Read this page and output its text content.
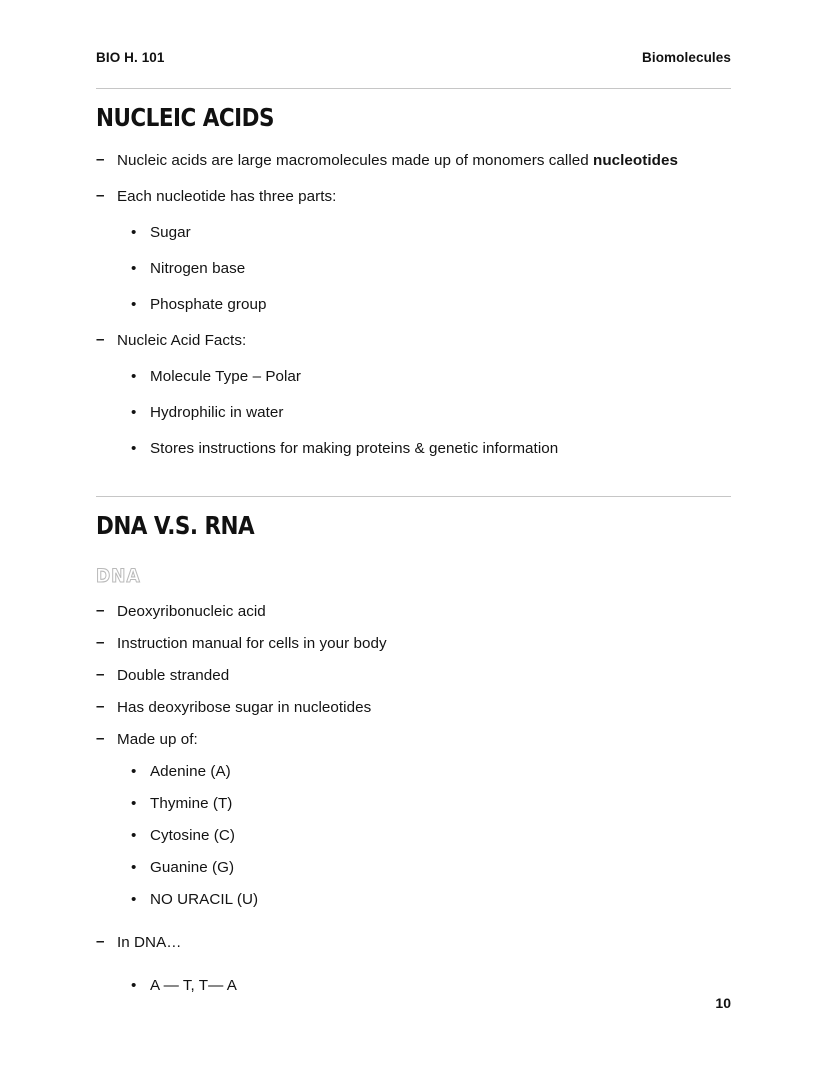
BIO H. 101	Biomolecules
NUCLEIC ACIDS
– Nucleic acids are large macromolecules made up of monomers called nucleotides
– Each nucleotide has three parts:
• Sugar
• Nitrogen base
• Phosphate group
– Nucleic Acid Facts:
• Molecule Type – Polar
• Hydrophilic in water
• Stores instructions for making proteins & genetic information
DNA V.S. RNA
DNA
– Deoxyribonucleic acid
– Instruction manual for cells in your body
– Double stranded
– Has deoxyribose sugar in nucleotides
– Made up of:
• Adenine (A)
• Thymine (T)
• Cytosine (C)
• Guanine (G)
• NO URACIL (U)
– In DNA…
• A — T, T— A
10
